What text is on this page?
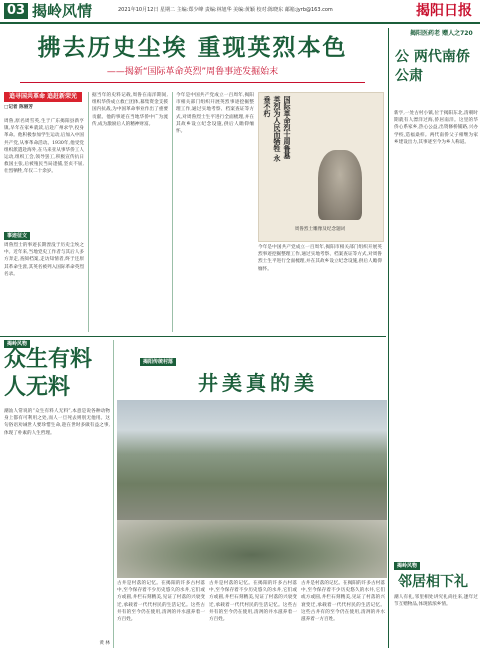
03 揭岭风情	2021年10月12日 星期二 主编:郑少峰 责编:林旭华 美编:黄颖 校对:陈晓东 邮箱:jyrb@163.com	揭阳日报
拂去历史尘埃 重现英烈本色
——揭新“国际革命英烈”周鲁事迹发掘始末
追寻国共革命 追赶新荣光
□记者 陈丽芳
周鲁,原名周雪英,生于广东揭阳县新亨镇,早年在家乡就读,后赴广州求学,投身革命。他积极参加学生运动,后加入中国共产党,从事革命活动。1930年,他受党组织派遣赴海外,在马来亚从事华侨工人运动,组织工会,领导罢工,积极宣传抗日救国主张,后被殖民当局逮捕,坚贞不屈,壮烈牺牲,年仅二十余岁。
事迹征文
周鲁烈士的事迹长期湮没于历史尘埃之中。近年来,当地党史工作者与其后人多方奔走,查阅档案,走访知情者,终于还原其革命生涯,其英名被列入国际革命英烈名录。
据当年的史料记载,周鲁在南洋期间,组织华侨成立救亡团体,募集资金支援国内抗战,为中国革命事业作出了重要贡献。他的事迹在当地华侨中广为流传,成为激励后人的精神财富。
今年是中国共产党成立一百周年,揭阳市相关部门组织开展英烈事迹挖掘整理工作,通过实地考察、档案查证等方式,对周鲁烈士生平进行全面梳理,并在其故乡设立纪念设施,供后人瞻仰缅怀。	国际革命烈士周鲁墓 英烈为人民而牺牲 永垂不朽
周鲁烈士雕像及纪念题词
今年是中国共产党成立一百周年,揭阳市相关部门组织开展英烈事迹挖掘整理工作,通过实地考察、档案查证等方式,对周鲁烈士生平进行全面梳理,并在其故乡设立纪念设施,供后人瞻仰缅怀。
揭阳医药老 赠人之720
公 两代南侨 公肃
新亨,一处古村小镇,位于揭阳东北,清朝时期就有人漂洋过海,侨居南洋。这里的华侨心系家乡,热心公益,出资修桥铺路,兴办学校,造福桑梓。两代南侨父子相继为家乡建设出力,其事迹至今为乡人称道。
揭岭风物
邻居相下礼
潮人有礼,邻里相处讲究礼尚往来,逢年过节互赠物品,体现浓浓乡情。
揭岭风物
众生有料 人无料
潮汕人常说的“众生有料人无料”,本意是说各种动物身上都有可利用之处,而人一旦死去则别无他用。这句俗语劝诫世人要珍惜生命,趁在世时多做有益之事,体现了朴素的人生哲理。
黄 林
揭阳传统村落
井美真的美
古井是村落的记忆。在揭阳的许多古村落中,至今保存着不少历史悠久的水井,它们或方或圆,井栏石刻精美,见证了村落的兴衰变迁,承载着一代代村民的生活记忆。这些古井有的至今仍在使用,清冽的井水滋养着一方百姓。
古井是村落的记忆。在揭阳的许多古村落中,至今保存着不少历史悠久的水井,它们或方或圆,井栏石刻精美,见证了村落的兴衰变迁,承载着一代代村民的生活记忆。这些古井有的至今仍在使用,清冽的井水滋养着一方百姓。
古井是村落的记忆。在揭阳的许多古村落中,至今保存着不少历史悠久的水井,它们或方或圆,井栏石刻精美,见证了村落的兴衰变迁,承载着一代代村民的生活记忆。这些古井有的至今仍在使用,清冽的井水滋养着一方百姓。
